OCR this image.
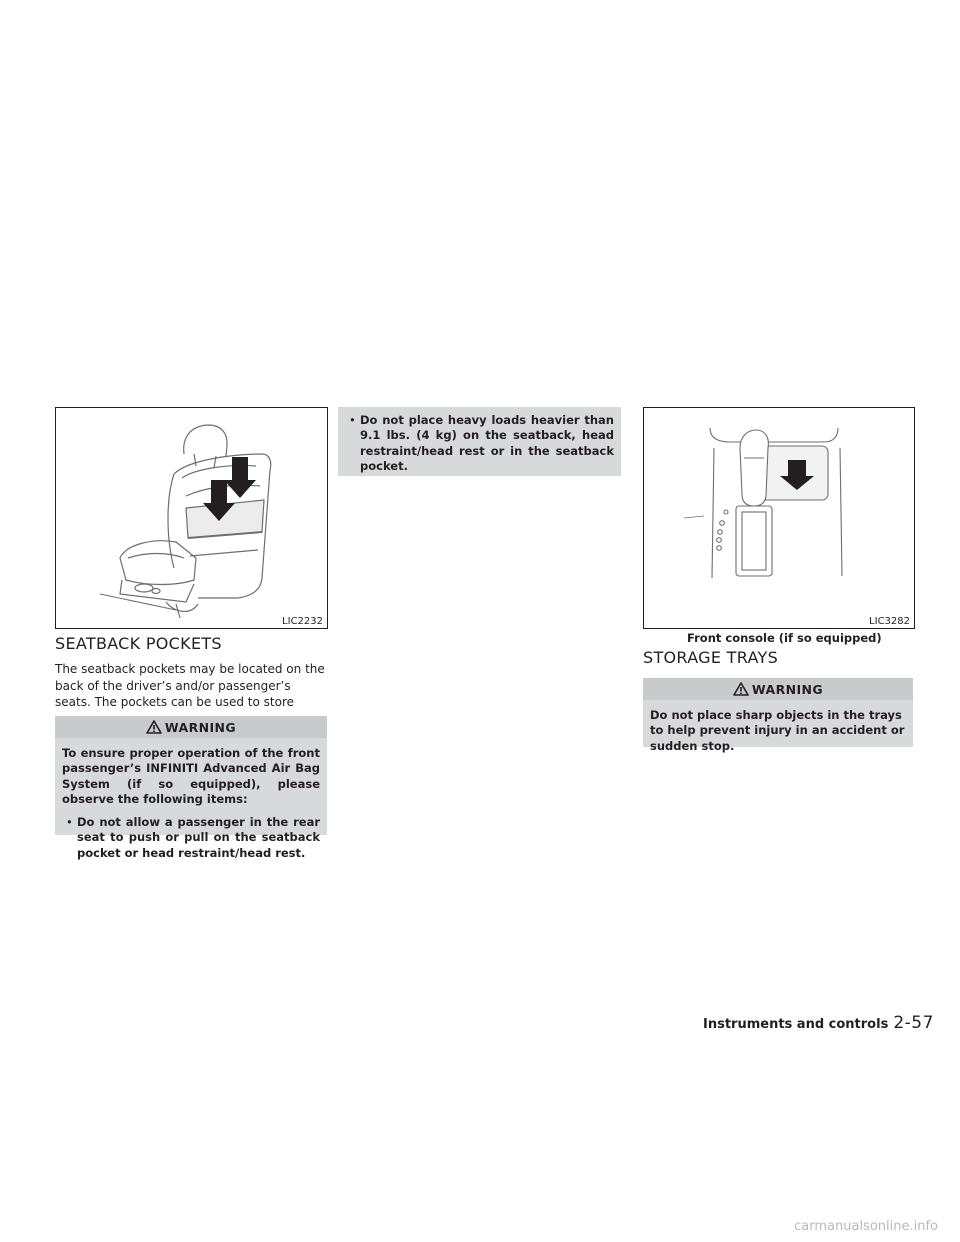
LIC2232
SEATBACK POCKETS

The seatback pockets may be located on the back of the driver’s and/or passenger’s seats. The pockets can be used to store

WARNING

To ensure proper operation of the front passenger’s INFINITI Advanced Air Bag System (if so equipped), please observe the following items:

• Do not allow a passenger in the rear seat to push or pull on the seatback pocket or head restraint/head rest.

• Do not place heavy loads heavier than 9.1 lbs. (4 kg) on the seatback, head restraint/head rest or in the seatback pocket.

LIC3282

Front console (if so equipped)

STORAGE TRAYS
WARNING

Do not place sharp objects in the trays to help prevent injury in an accident or sudden stop.

Instruments and controls 2-57
carmanualsonline.info
